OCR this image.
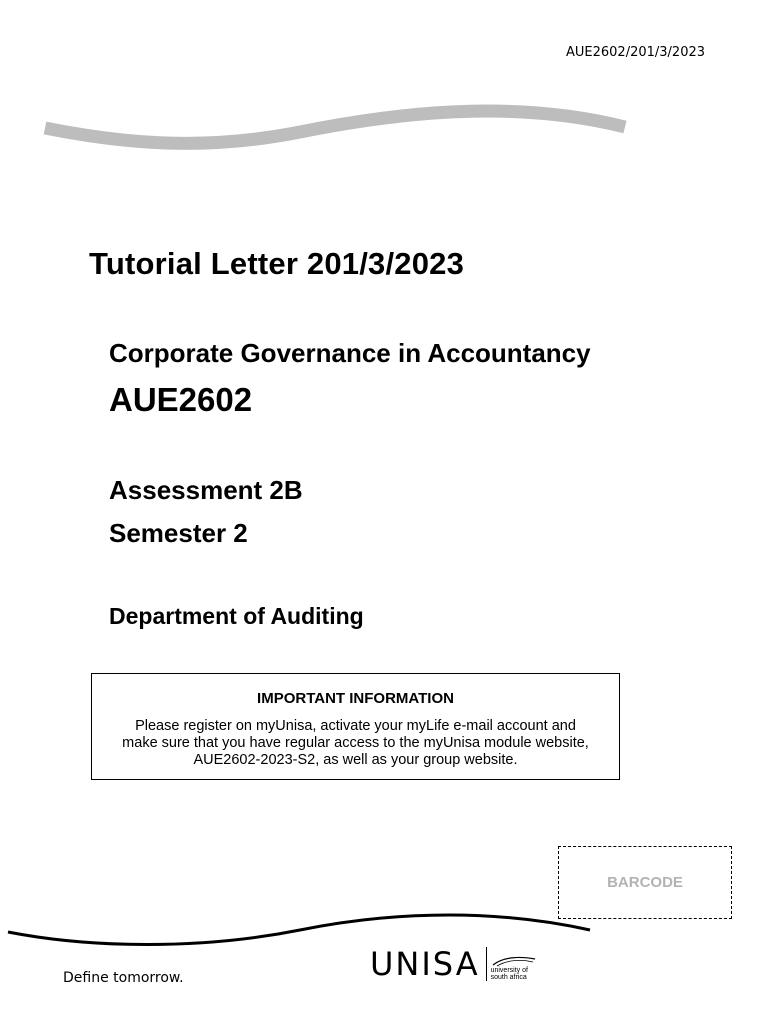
AUE2602/201/3/2023
Tutorial Letter 201/3/2023
Corporate Governance in Accountancy
AUE2602
Assessment 2B
Semester 2
Department of Auditing
IMPORTANT INFORMATION
Please register on myUnisa, activate your myLife e-mail account and make sure that you have regular access to the myUnisa module website, AUE2602-2023-S2, as well as your group website.
BARCODE
Define tomorrow.	UNISA university of south africa
